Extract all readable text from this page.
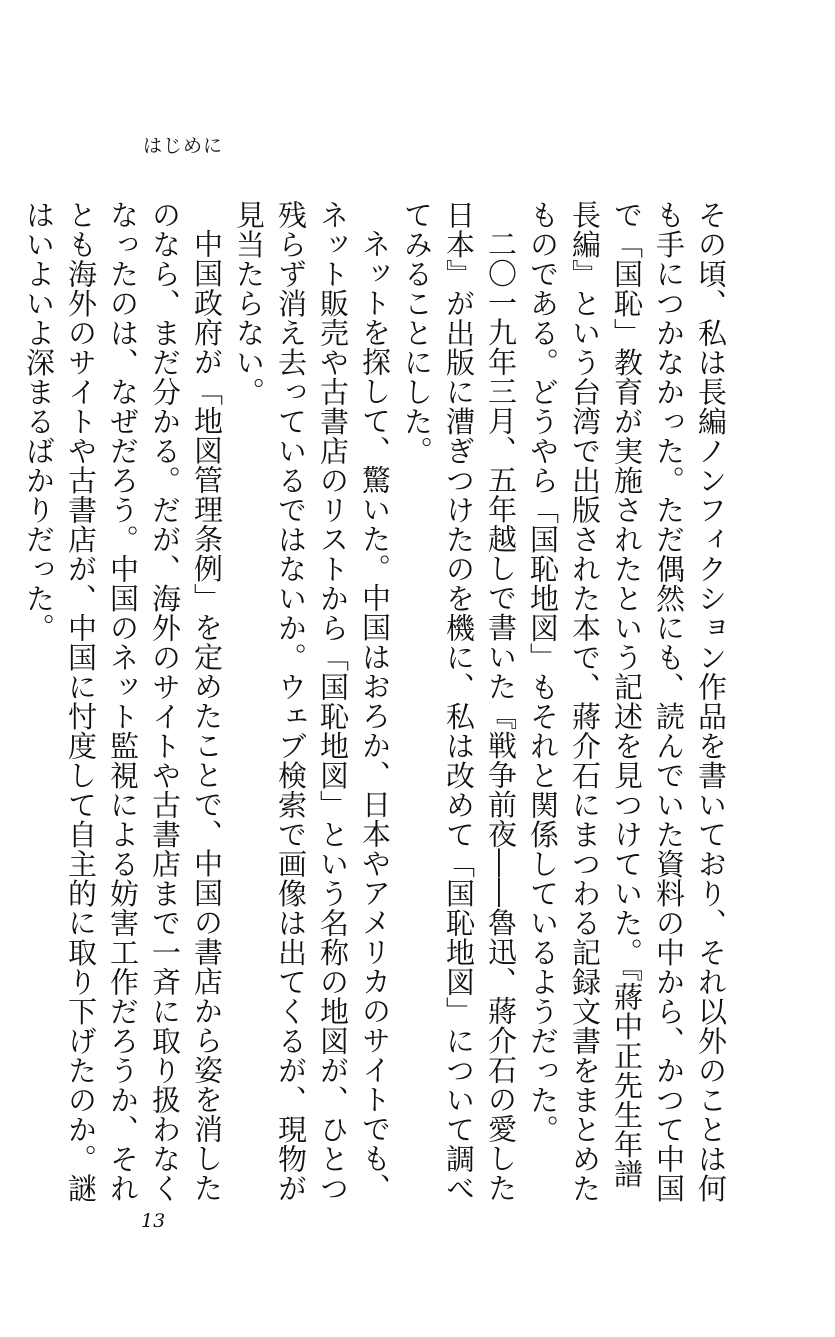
はじめに

その頃、私は長編ノンフィクション作品を書いており、それ以外のことは何も手につかなかった。ただ偶然にも、読んでいた資料の中から、かつて中国で「国恥」教育が実施されたという記述を見つけていた。『蔣中正先生年譜長編』という台湾で出版された本で、蔣介石にまつわる記録文書をまとめたものである。どうやら「国恥地図」もそれと関係しているようだった。

二〇一九年三月、五年越しで書いた『戦争前夜――魯迅、蔣介石の愛した日本』が出版に漕ぎつけたのを機に、私は改めて「国恥地図」について調べてみることにした。

ネットを探して、驚いた。中国はおろか、日本やアメリカのサイトでも、ネット販売や古書店のリストから「国恥地図」という名称の地図が、ひとつ残らず消え去っているではないか。ウェブ検索で画像は出てくるが、現物が見当たらない。

中国政府が「地図管理条例」を定めたことで、中国の書店から姿を消したのなら、まだ分かる。だが、海外のサイトや古書店まで一斉に取り扱わなくなったのは、なぜだろう。中国のネット監視による妨害工作だろうか、それとも海外のサイトや古書店が、中国に忖度して自主的に取り下げたのか。謎はいよいよ深まるばかりだった。

13
